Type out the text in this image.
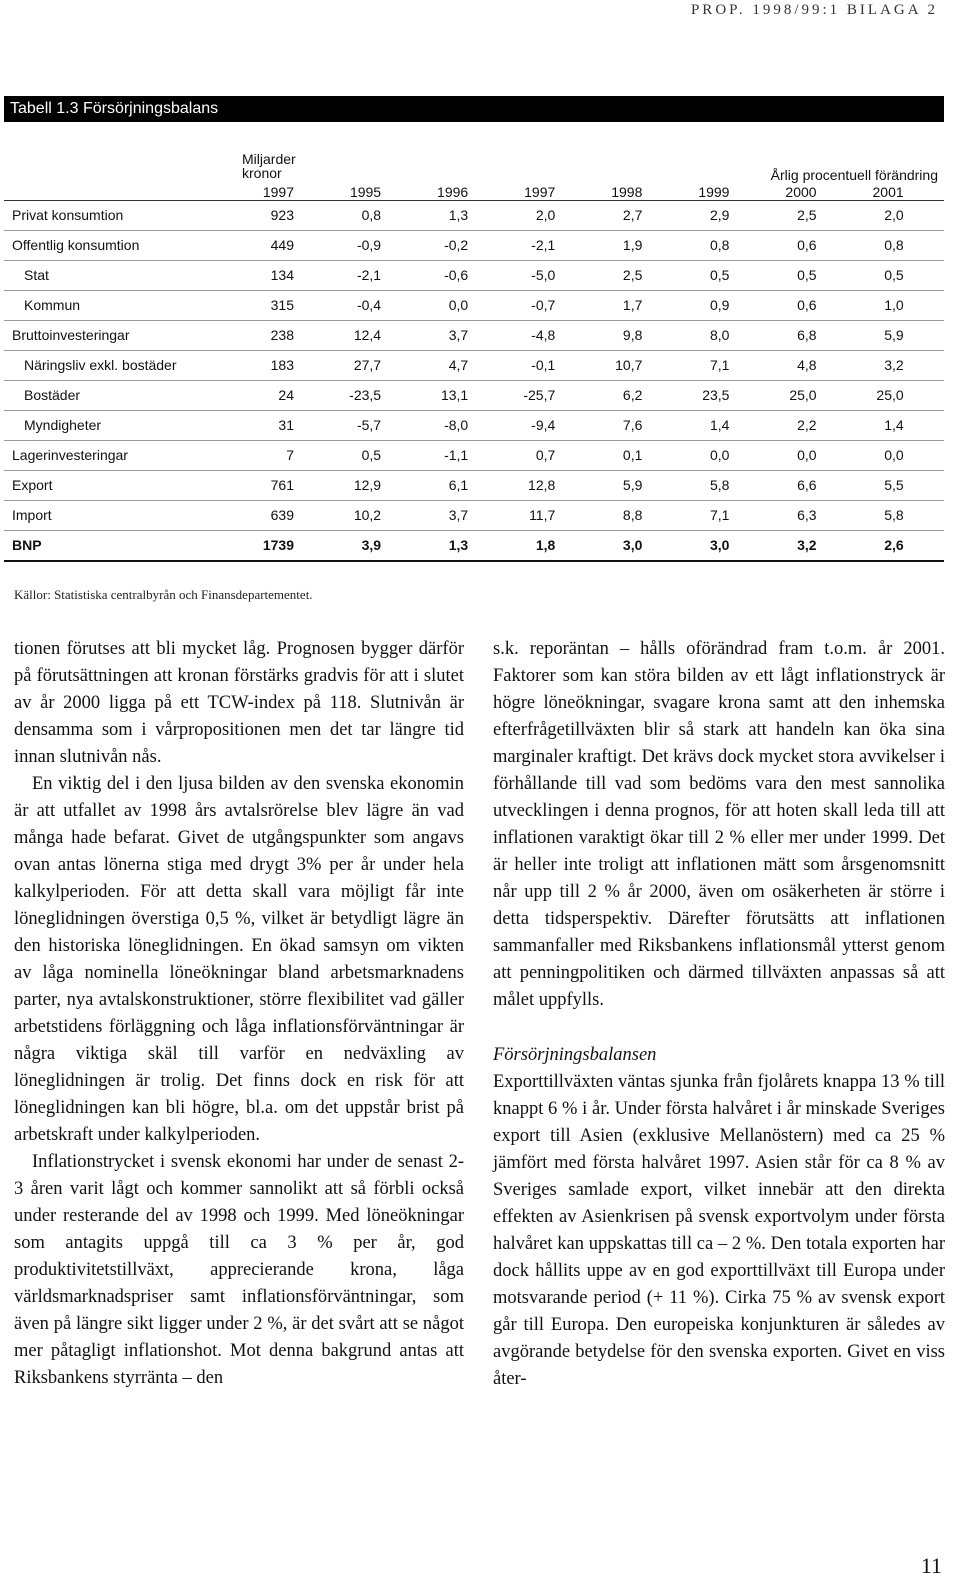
PROP. 1998/99:1 BILAGA 2
Tabell 1.3 Försörjningsbalans
Miljarder
kronor	Årlig procentuell förändring
1997	1995	1996	1997	1998	1999	2000	2001
Privat konsumtion	923	0,8	1,3	2,0	2,7	2,9	2,5	2,0
Offentlig konsumtion	449	-0,9	-0,2	-2,1	1,9	0,8	0,6	0,8
Stat	134	-2,1	-0,6	-5,0	2,5	0,5	0,5	0,5
Kommun	315	-0,4	0,0	-0,7	1,7	0,9	0,6	1,0
Bruttoinvesteringar	238	12,4	3,7	-4,8	9,8	8,0	6,8	5,9
Näringsliv exkl. bostäder	183	27,7	4,7	-0,1	10,7	7,1	4,8	3,2
Bostäder	24	-23,5	13,1	-25,7	6,2	23,5	25,0	25,0
Myndigheter	31	-5,7	-8,0	-9,4	7,6	1,4	2,2	1,4
Lagerinvesteringar	7	0,5	-1,1	0,7	0,1	0,0	0,0	0,0
Export	761	12,9	6,1	12,8	5,9	5,8	6,6	5,5
Import	639	10,2	3,7	11,7	8,8	7,1	6,3	5,8
BNP	1739	3,9	1,3	1,8	3,0	3,0	3,2	2,6
Källor: Statistiska centralbyrån och Finansdepartementet.

tionen förutses att bli mycket låg. Prognosen bygger därför på förutsättningen att kronan förstärks gradvis för att i slutet av år 2000 ligga på ett TCW-index på 118. Slutnivån är densamma som i vårpropositionen men det tar längre tid innan slutnivån nås.

En viktig del i den ljusa bilden av den svenska ekonomin är att utfallet av 1998 års avtalsrörelse blev lägre än vad många hade befarat. Givet de utgångspunkter som angavs ovan antas lönerna stiga med drygt 3% per år under hela kalkylperioden. För att detta skall vara möjligt får inte löneglidningen överstiga 0,5 %, vilket är betydligt lägre än den historiska löneglidningen. En ökad samsyn om vikten av låga nominella löneökningar bland arbetsmarknadens parter, nya avtalskonstruktioner, större flexibilitet vad gäller arbetstidens förläggning och låga inflationsförväntningar är några viktiga skäl till varför en nedväxling av löneglidningen är trolig. Det finns dock en risk för att löneglidningen kan bli högre, bl.a. om det uppstår brist på arbetskraft under kalkylperioden.

Inflationstrycket i svensk ekonomi har under de senast 2-3 åren varit lågt och kommer sannolikt att så förbli också under resterande del av 1998 och 1999. Med löneökningar som antagits uppgå till ca 3 % per år, god produktivitetstillväxt, apprecierande krona, låga världsmarknadspriser samt inflationsförväntningar, som även på längre sikt ligger under 2 %, är det svårt att se något mer påtagligt inflationshot. Mot denna bakgrund antas att Riksbankens styrränta – den

s.k. reporäntan – hålls oförändrad fram t.o.m. år 2001. Faktorer som kan störa bilden av ett lågt inflationstryck är högre löneökningar, svagare krona samt att den inhemska efterfrågetillväxten blir så stark att handeln kan öka sina marginaler kraftigt. Det krävs dock mycket stora avvikelser i förhållande till vad som bedöms vara den mest sannolika utvecklingen i denna prognos, för att hoten skall leda till att inflationen varaktigt ökar till 2 % eller mer under 1999. Det är heller inte troligt att inflationen mätt som årsgenomsnitt når upp till 2 % år 2000, även om osäkerheten är större i detta tidsperspektiv. Därefter förutsätts att inflationen sammanfaller med Riksbankens inflationsmål ytterst genom att penningpolitiken och därmed tillväxten anpassas så att målet uppfylls.

Försörjningsbalansen

Exporttillväxten väntas sjunka från fjolårets knappa 13 % till knappt 6 % i år. Under första halvåret i år minskade Sveriges export till Asien (exklusive Mellanöstern) med ca 25 % jämfört med första halvåret 1997. Asien står för ca 8 % av Sveriges samlade export, vilket innebär att den direkta effekten av Asienkrisen på svensk exportvolym under första halvåret kan uppskattas till ca – 2 %. Den totala exporten har dock hållits uppe av en god exporttillväxt till Europa under motsvarande period (+ 11 %). Cirka 75 % av svensk export går till Europa. Den europeiska konjunkturen är således av avgörande betydelse för den svenska exporten. Givet en viss åter-

11
